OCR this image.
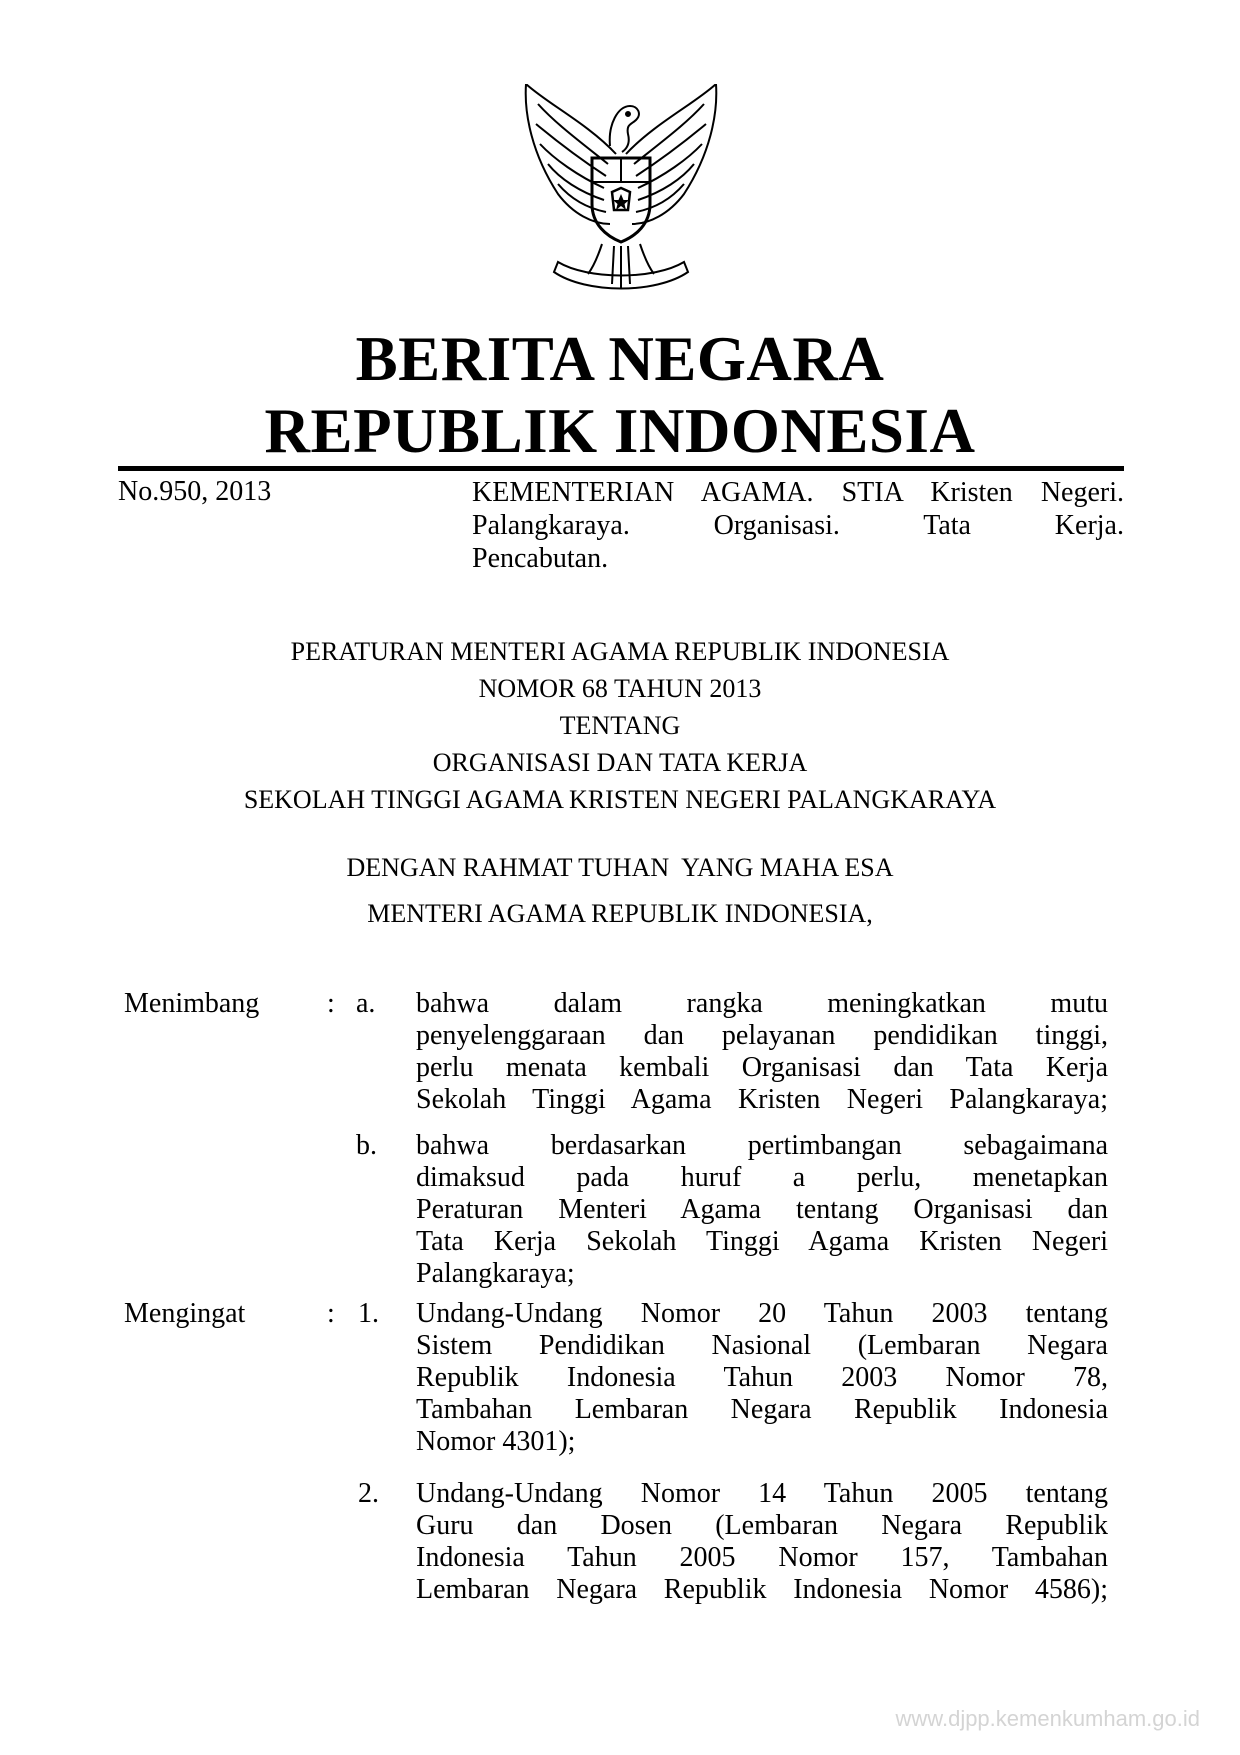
BERITA NEGARA
REPUBLIK INDONESIA
No.950, 2013	KEMENTERIAN AGAMA. STIA Kristen Negeri.
Palangkaraya. Organisasi. Tata Kerja.
Pencabutan.
PERATURAN MENTERI AGAMA REPUBLIK INDONESIA
NOMOR 68 TAHUN 2013
TENTANG
ORGANISASI DAN TATA KERJA
SEKOLAH TINGGI AGAMA KRISTEN NEGERI PALANGKARAYA
DENGAN RAHMAT TUHAN  YANG MAHA ESA
MENTERI AGAMA REPUBLIK INDONESIA,
Menimbang : a. bahwa dalam rangka meningkatkan mutu
penyelenggaraan dan pelayanan pendidikan tinggi,
perlu menata kembali Organisasi dan Tata Kerja
Sekolah Tinggi Agama Kristen Negeri Palangkaraya;
b. bahwa berdasarkan pertimbangan sebagaimana
dimaksud pada huruf a perlu, menetapkan
Peraturan Menteri Agama tentang Organisasi dan
Tata Kerja Sekolah Tinggi Agama Kristen Negeri
Palangkaraya;
Mengingat	: 1. Undang-Undang Nomor 20 Tahun 2003 tentang
Sistem Pendidikan Nasional (Lembaran Negara
Republik Indonesia Tahun 2003 Nomor 78,
Tambahan Lembaran Negara Republik Indonesia
Nomor 4301);
2. Undang-Undang Nomor 14 Tahun 2005 tentang
Guru dan Dosen (Lembaran Negara Republik
Indonesia Tahun 2005 Nomor 157, Tambahan
Lembaran Negara Republik Indonesia Nomor 4586);
www.djpp.kemenkumham.go.id
